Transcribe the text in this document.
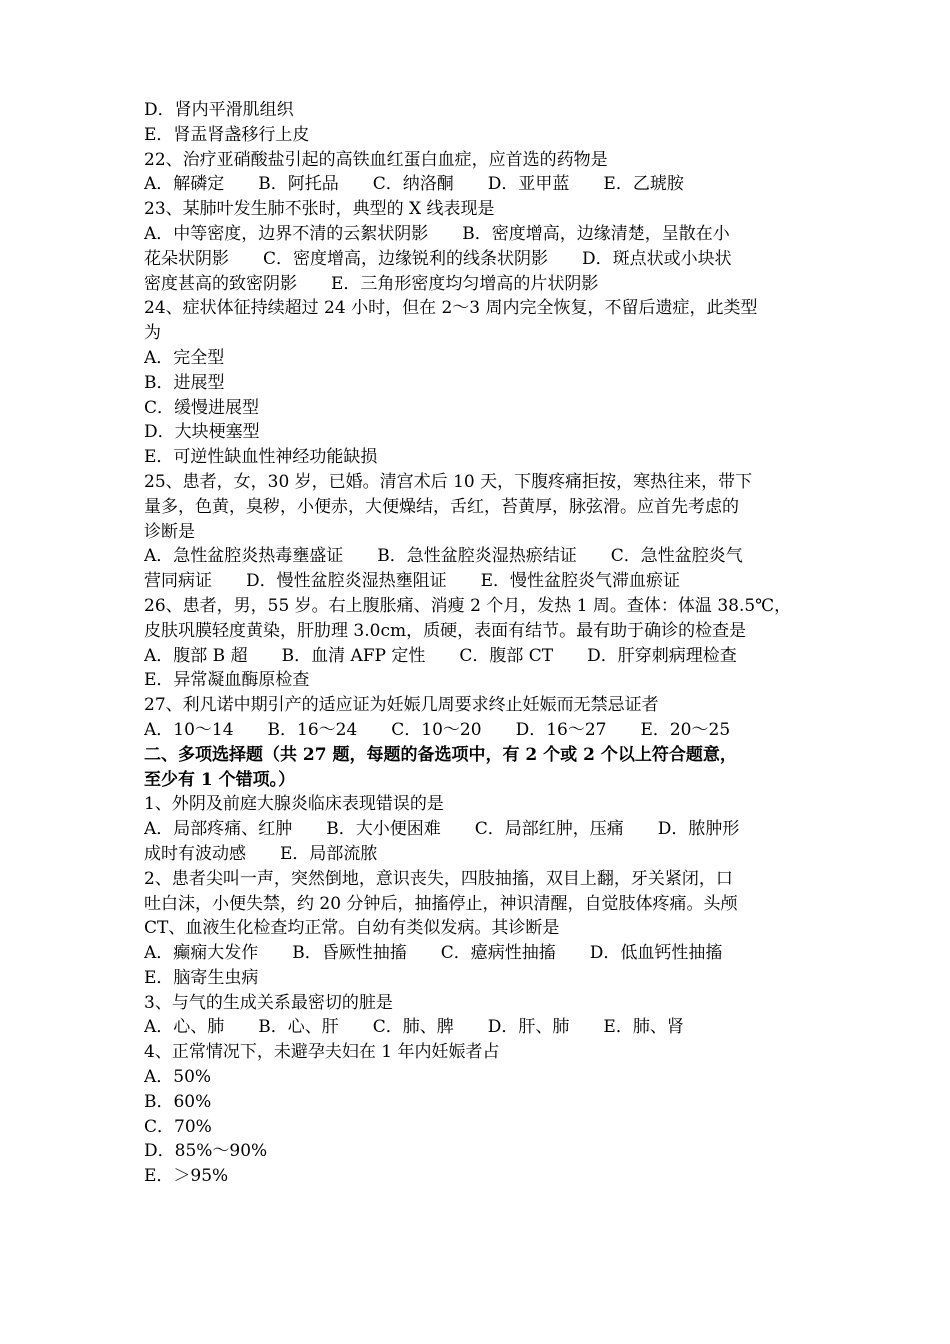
D．肾内平滑肌组织
E．肾盂肾盏移行上皮
22、治疗亚硝酸盐引起的高铁血红蛋白血症，应首选的药物是
A．解磷定　　B．阿托品　　C．纳洛酮　　D．亚甲蓝　　E．乙琥胺
23、某肺叶发生肺不张时，典型的 X 线表现是
A．中等密度，边界不清的云絮状阴影　　B．密度增高，边缘清楚，呈散在小
花朵状阴影　　C．密度增高，边缘锐利的线条状阴影　　D．斑点状或小块状
密度甚高的致密阴影　　E．三角形密度均匀增高的片状阴影
24、症状体征持续超过 24 小时，但在 2～3 周内完全恢复，不留后遗症，此类型
为
A．完全型
B．进展型
C．缓慢进展型
D．大块梗塞型
E．可逆性缺血性神经功能缺损
25、患者，女，30 岁，已婚。清宫术后 10 天，下腹疼痛拒按，寒热往来，带下
量多，色黄，臭秽，小便赤，大便燥结，舌红，苔黄厚，脉弦滑。应首先考虑的
诊断是
A．急性盆腔炎热毒壅盛证　　B．急性盆腔炎湿热瘀结证　　C．急性盆腔炎气
营同病证　　D．慢性盆腔炎湿热壅阻证　　E．慢性盆腔炎气滞血瘀证
26、患者，男，55 岁。右上腹胀痛、消瘦 2 个月，发热 1 周。查体：体温 38.5℃，
皮肤巩膜轻度黄染，肝肋理 3.0cm，质硬，表面有结节。最有助于确诊的检查是
A．腹部 B 超　　B．血清 AFP 定性　　C．腹部 CT　　D．肝穿刺病理检查
E．异常凝血酶原检查
27、利凡诺中期引产的适应证为妊娠几周要求终止妊娠而无禁忌证者
A．10～14　　B．16～24　　C．10～20　　D．16～27　　E．20～25
二、多项选择题（共 27 题，每题的备选项中，有 2 个或 2 个以上符合题意，
至少有 1 个错项。）
1、外阴及前庭大腺炎临床表现错误的是
A．局部疼痛、红肿　　B．大小便困难　　C．局部红肿，压痛　　D．脓肿形
成时有波动感　　E．局部流脓
2、患者尖叫一声，突然倒地，意识丧失，四肢抽搐，双目上翻，牙关紧闭，口
吐白沫，小便失禁，约 20 分钟后，抽搐停止，神识清醒，自觉肢体疼痛。头颅
CT、血液生化检查均正常。自幼有类似发病。其诊断是
A．癫痫大发作　　B．昏厥性抽搐　　C．癔病性抽搐　　D．低血钙性抽搐
E．脑寄生虫病
3、与气的生成关系最密切的脏是
A．心、肺　　B．心、肝　　C．肺、脾　　D．肝、肺　　E．肺、肾
4、正常情况下，未避孕夫妇在 1 年内妊娠者占
A．50%
B．60%
C．70%
D．85%～90%
E．＞95%
